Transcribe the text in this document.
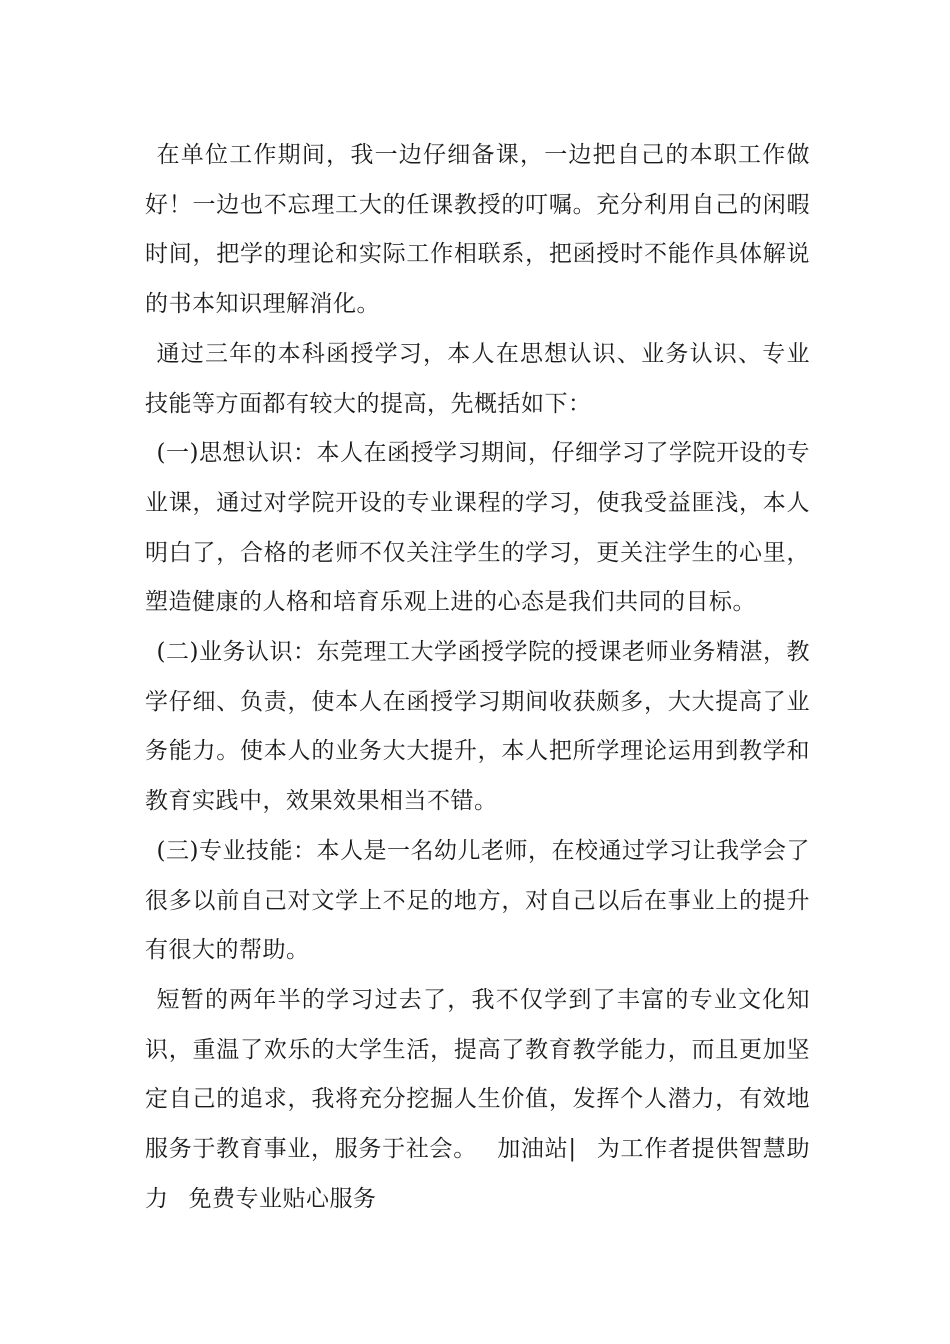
在单位工作期间，我一边仔细备课，一边把自己的本职工作做好！一边也不忘理工大的任课教授的叮嘱。充分利用自己的闲暇时间，把学的理论和实际工作相联系，把函授时不能作具体解说的书本知识理解消化。

通过三年的本科函授学习，本人在思想认识、业务认识、专业技能等方面都有较大的提高，先概括如下：

(一)思想认识：本人在函授学习期间，仔细学习了学院开设的专业课，通过对学院开设的专业课程的学习，使我受益匪浅，本人明白了，合格的老师不仅关注学生的学习，更关注学生的心里，塑造健康的人格和培育乐观上进的心态是我们共同的目标。

(二)业务认识：东莞理工大学函授学院的授课老师业务精湛，教学仔细、负责，使本人在函授学习期间收获颇多，大大提高了业务能力。使本人的业务大大提升，本人把所学理论运用到教学和教育实践中，效果效果相当不错。

(三)专业技能：本人是一名幼儿老师，在校通过学习让我学会了很多以前自己对文学上不足的地方，对自己以后在事业上的提升有很大的帮助。

短暂的两年半的学习过去了，我不仅学到了丰富的专业文化知识，重温了欢乐的大学生活，提高了教育教学能力，而且更加坚定自己的追求，我将充分挖掘人生价值，发挥个人潜力，有效地服务于教育事业，服务于社会。 加油站| 为工作者提供智慧助力 免费专业贴心服务
